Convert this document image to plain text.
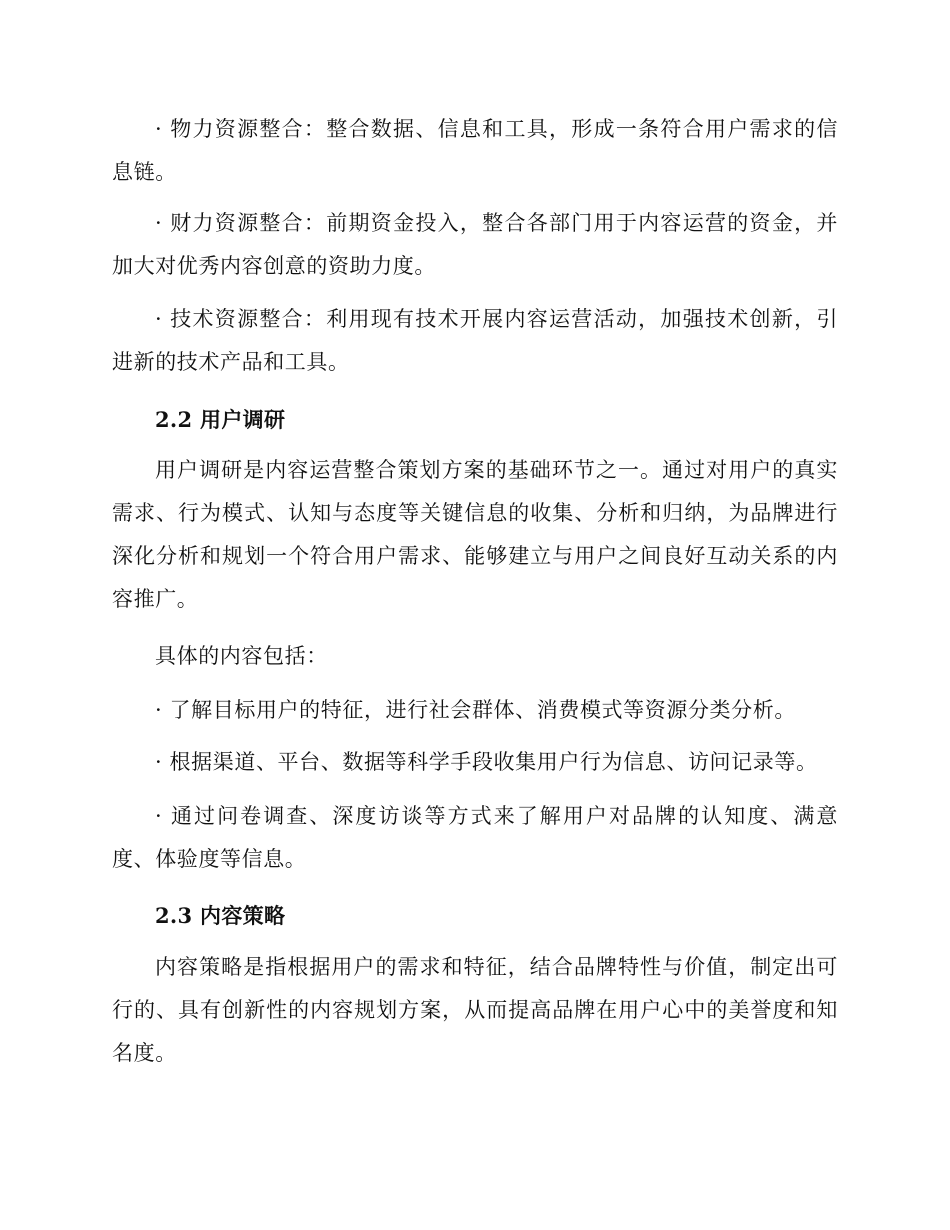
· 物力资源整合：整合数据、信息和工具，形成一条符合用户需求的信息链。

· 财力资源整合：前期资金投入，整合各部门用于内容运营的资金，并加大对优秀内容创意的资助力度。

· 技术资源整合：利用现有技术开展内容运营活动，加强技术创新，引进新的技术产品和工具。

2.2 用户调研

用户调研是内容运营整合策划方案的基础环节之一。通过对用户的真实需求、行为模式、认知与态度等关键信息的收集、分析和归纳，为品牌进行深化分析和规划一个符合用户需求、能够建立与用户之间良好互动关系的内容推广。

具体的内容包括：

· 了解目标用户的特征，进行社会群体、消费模式等资源分类分析。

· 根据渠道、平台、数据等科学手段收集用户行为信息、访问记录等。

· 通过问卷调查、深度访谈等方式来了解用户对品牌的认知度、满意度、体验度等信息。

2.3 内容策略

内容策略是指根据用户的需求和特征，结合品牌特性与价值，制定出可行的、具有创新性的内容规划方案，从而提高品牌在用户心中的美誉度和知名度。
